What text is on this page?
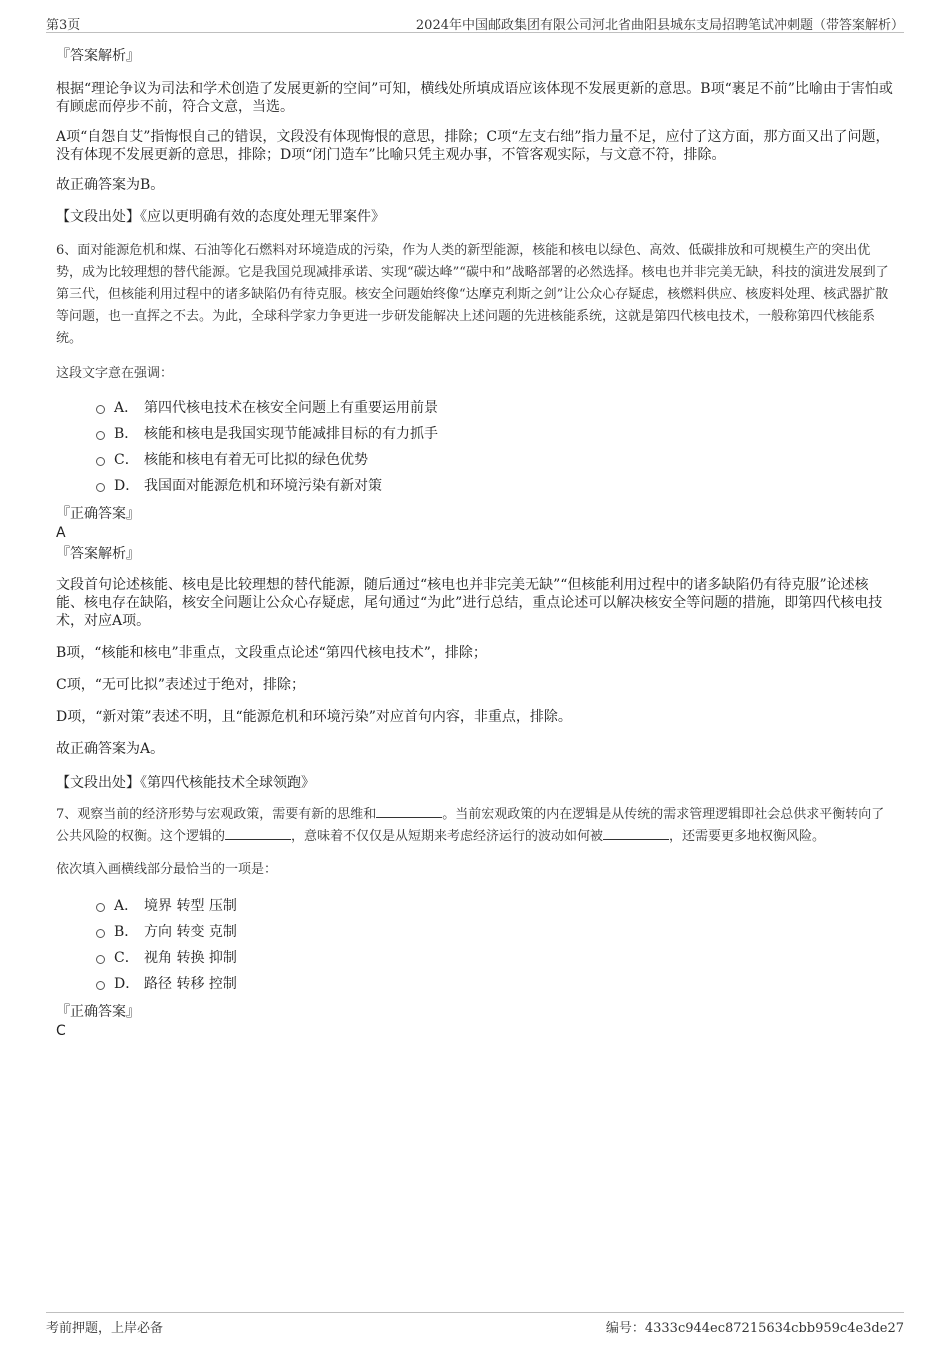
第3页	2024年中国邮政集团有限公司河北省曲阳县城东支局招聘笔试冲刺题（带答案解析）

『答案解析』

根据“理论争议为司法和学术创造了发展更新的空间”可知，横线处所填成语应该体现不发展更新的意思。B项“裹足不前”比喻由于害怕或有顾虑而停步不前，符合文意，当选。

A项“自怨自艾”指悔恨自己的错误，文段没有体现悔恨的意思，排除；C项“左支右绌”指力量不足，应付了这方面，那方面又出了问题，没有体现不发展更新的意思，排除；D项“闭门造车”比喻只凭主观办事，不管客观实际，与文意不符，排除。

故正确答案为B。

【文段出处】《应以更明确有效的态度处理无罪案件》

6、面对能源危机和煤、石油等化石燃料对环境造成的污染，作为人类的新型能源，核能和核电以绿色、高效、低碳排放和可规模生产的突出优势，成为比较理想的替代能源。它是我国兑现减排承诺、实现“碳达峰”“碳中和”战略部署的必然选择。核电也并非完美无缺，科技的演进发展到了第三代，但核能利用过程中的诸多缺陷仍有待克服。核安全问题始终像“达摩克利斯之剑”让公众心存疑虑，核燃料供应、核废料处理、核武器扩散等问题，也一直挥之不去。为此，全球科学家力争更进一步研发能解决上述问题的先进核能系统，这就是第四代核电技术，一般称第四代核能系统。

这段文字意在强调：

A． 第四代核电技术在核安全问题上有重要运用前景
B． 核能和核电是我国实现节能减排目标的有力抓手
C． 核能和核电有着无可比拟的绿色优势
D． 我国面对能源危机和环境污染有新对策

『正确答案』

A

『答案解析』

文段首句论述核能、核电是比较理想的替代能源，随后通过“核电也并非完美无缺”“但核能利用过程中的诸多缺陷仍有待克服”论述核能、核电存在缺陷，核安全问题让公众心存疑虑，尾句通过“为此”进行总结，重点论述可以解决核安全等问题的措施，即第四代核电技术，对应A项。

B项，“核能和核电”非重点，文段重点论述“第四代核电技术”，排除；

C项，“无可比拟”表述过于绝对，排除；

D项，“新对策”表述不明，且“能源危机和环境污染”对应首句内容，非重点，排除。

故正确答案为A。

【文段出处】《第四代核能技术全球领跑》

7、观察当前的经济形势与宏观政策，需要有新的思维和	。当前宏观政策的内在逻辑是从传统的需求管理逻辑即社会总供求平衡转向了公共风险的权衡。这个逻辑的	，意味着不仅仅是从短期来考虑经济运行的波动如何被	，还需要更多地权衡风险。

依次填入画横线部分最恰当的一项是：

A． 境界 转型 压制
B． 方向 转变 克制
C． 视角 转换 抑制
D． 路径 转移 控制

『正确答案』

C

考前押题，上岸必备	编号：4333c944ec87215634cbb959c4e3de27
